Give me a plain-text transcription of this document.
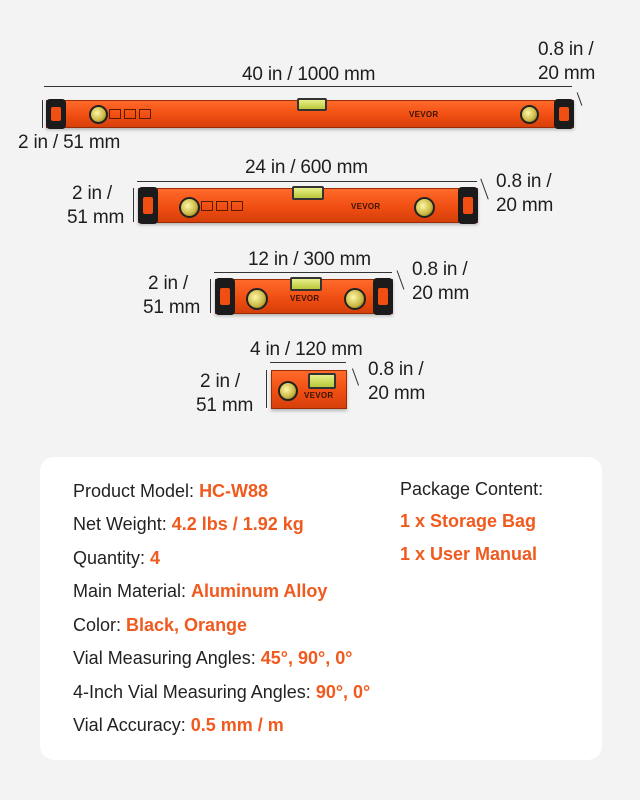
40 in / 1000 mm
0.8 in /
20 mm
2 in / 51 mm
VEVOR
24 in / 600 mm
2 in /
51 mm
0.8 in /
20 mm
VEVOR
12 in / 300 mm
2 in /
51 mm
0.8 in /
20 mm
VEVOR
4 in / 120 mm
2 in /
51 mm
0.8 in /
20 mm
VEVOR
Product Model: HC-W88
Net Weight: 4.2 lbs / 1.92 kg
Quantity: 4
Main Material: Aluminum Alloy
Color: Black, Orange
Vial Measuring Angles: 45°, 90°, 0°
4-Inch Vial Measuring Angles: 90°, 0°
Vial Accuracy: 0.5 mm / m
Package Content:
1 x Storage Bag
1 x User Manual
